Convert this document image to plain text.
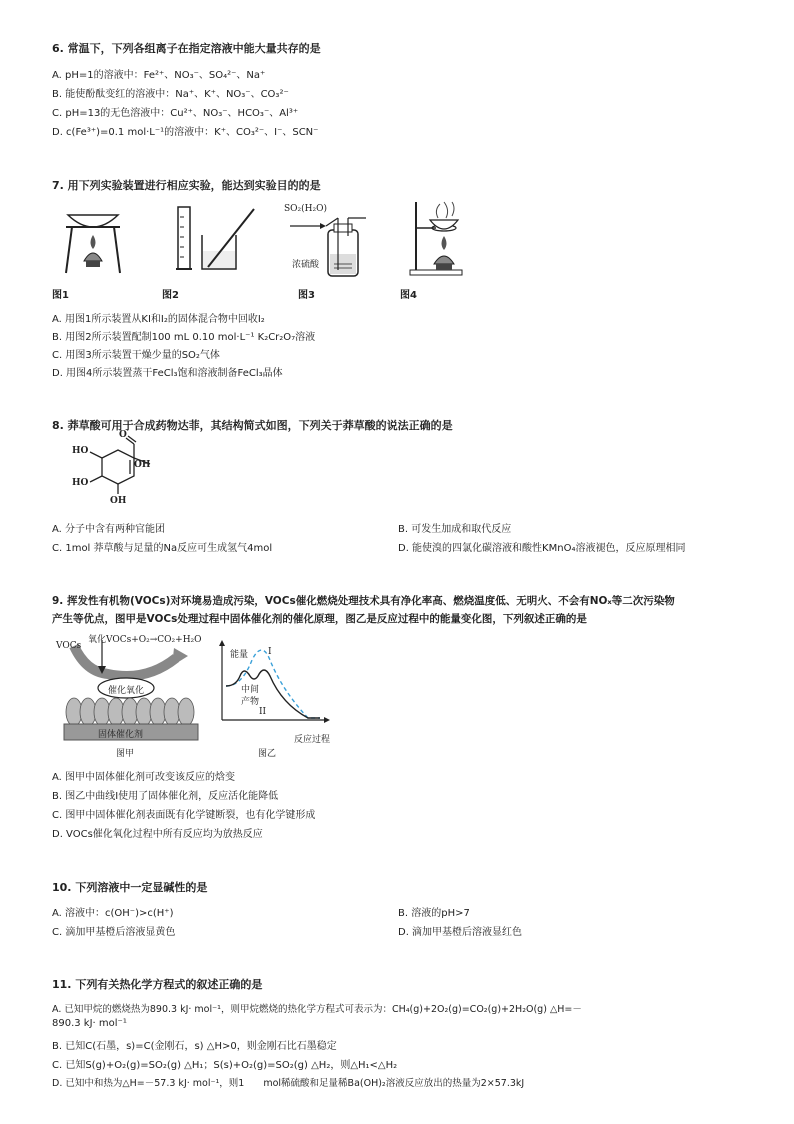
6. 常温下，下列各组离子在指定溶液中能大量共存的是
A. pH=1的溶液中：Fe²⁺、NO₃⁻、SO₄²⁻、Na⁺
B. 能使酚酞变红的溶液中：Na⁺、K⁺、NO₃⁻、CO₃²⁻
C. pH=13的无色溶液中：Cu²⁺、NO₃⁻、HCO₃⁻、Al³⁺
D. c(Fe³⁺)=0.1 mol·L⁻¹的溶液中：K⁺、CO₃²⁻、I⁻、SCN⁻
7. 用下列实验装置进行相应实验，能达到实验目的的是
图1	图2
SO₂(H₂O)
浓硫酸
图3	图4
A. 用图1所示装置从KI和I₂的固体混合物中回收I₂
B. 用图2所示装置配制100 mL 0.10 mol·L⁻¹ K₂Cr₂O₇溶液
C. 用图3所示装置干燥少量的SO₂气体
D. 用图4所示装置蒸干FeCl₃饱和溶液制备FeCl₃晶体
8. 莽草酸可用于合成药物达菲，其结构简式如图，下列关于莽草酸的说法正确的是
O
OH
HO
HO
OH
A. 分子中含有两种官能团	B. 可发生加成和取代反应
C. 1mol 莽草酸与足量的Na反应可生成氢气4mol	D. 能使溴的四氯化碳溶液和酸性KMnO₄溶液褪色，反应原理相同
9. 挥发性有机物(VOCs)对环境易造成污染，VOCs催化燃烧处理技术具有净化率高、燃烧温度低、无明火、不会有NOₓ等二次污染物
产生等优点，图甲是VOCs处理过程中固体催化剂的催化原理，图乙是反应过程中的能量变化图，下列叙述正确的是
VOCs
氧化VOCs+O₂→CO₂+H₂O
催化氧化
固体催化剂
图甲
能量 I
II
中间
产物
反应过程
图乙
A. 图甲中固体催化剂可改变该反应的焓变
B. 图乙中曲线I使用了固体催化剂，反应活化能降低
C. 图甲中固体催化剂表面既有化学键断裂，也有化学键形成
D. VOCs催化氧化过程中所有反应均为放热反应
10. 下列溶液中一定显碱性的是
A. 溶液中：c(OH⁻)>c(H⁺)	B. 溶液的pH>7
C. 滴加甲基橙后溶液显黄色	D. 滴加甲基橙后溶液显红色
11. 下列有关热化学方程式的叙述正确的是
A. 已知甲烷的燃烧热为890.3 kJ· mol⁻¹，则甲烷燃烧的热化学方程式可表示为：CH₄(g)+2O₂(g)=CO₂(g)+2H₂O(g) △H=－
890.3 kJ· mol⁻¹
B. 已知C(石墨，s)=C(金刚石，s) △H>0，则金刚石比石墨稳定
C. 已知S(g)+O₂(g)=SO₂(g) △H₁；S(s)+O₂(g)=SO₂(g) △H₂，则△H₁<△H₂
D. 已知中和热为△H=－57.3 kJ· mol⁻¹，则1　　mol稀硫酸和足量稀Ba(OH)₂溶液反应放出的热量为2×57.3kJ
